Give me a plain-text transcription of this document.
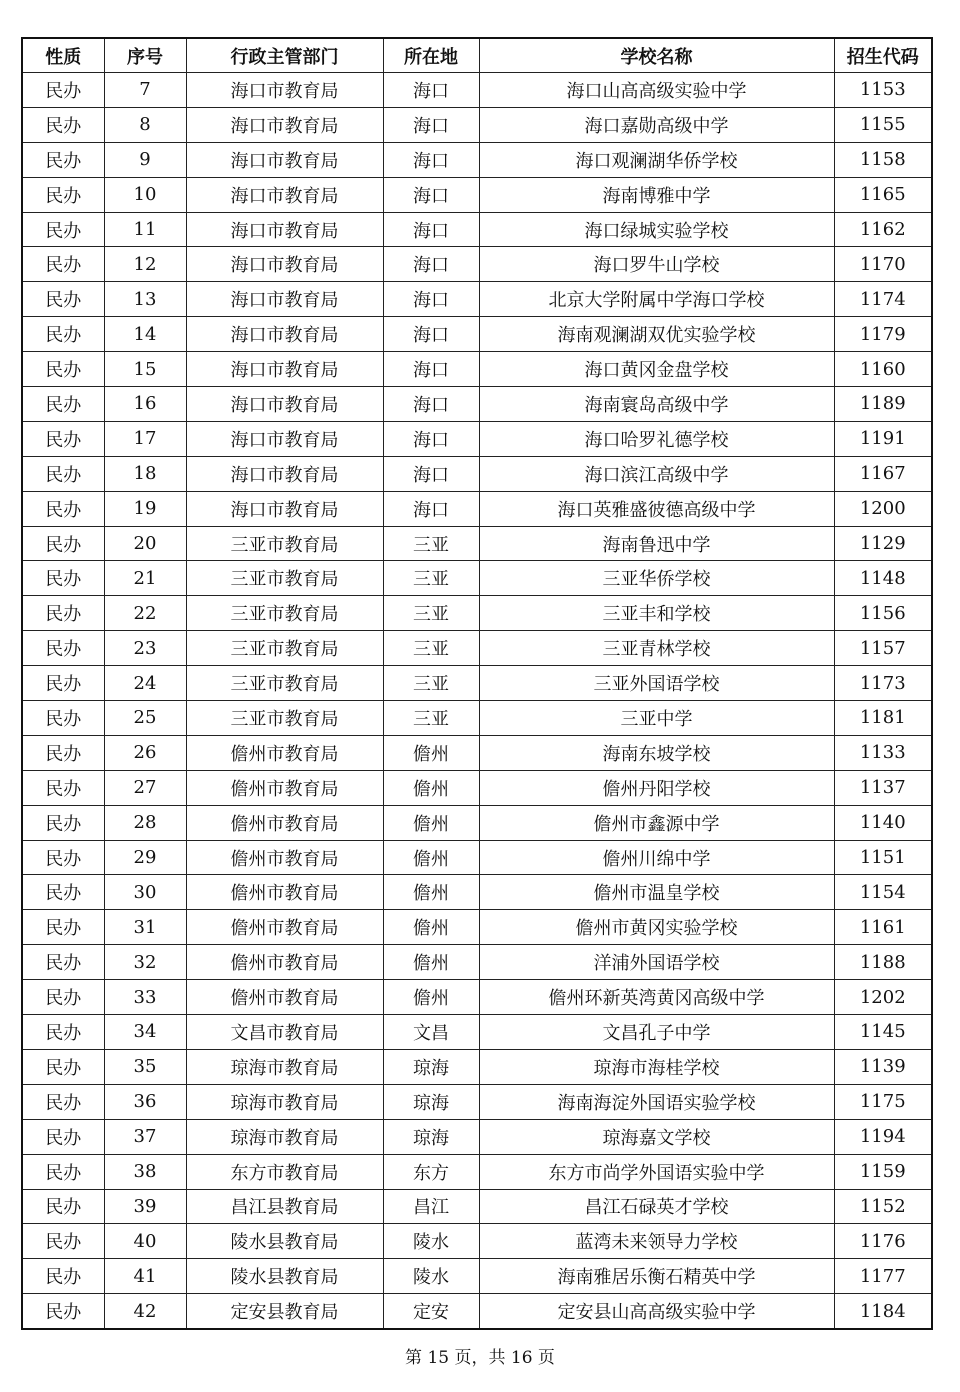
性质	序号	行政主管部门	所在地	学校名称	招生代码
民办	7	海口市教育局	海口	海口山高高级实验中学	1153
民办	8	海口市教育局	海口	海口嘉勋高级中学	1155
民办	9	海口市教育局	海口	海口观澜湖华侨学校	1158
民办	10	海口市教育局	海口	海南博雅中学	1165
民办	11	海口市教育局	海口	海口绿城实验学校	1162
民办	12	海口市教育局	海口	海口罗牛山学校	1170
民办	13	海口市教育局	海口	北京大学附属中学海口学校	1174
民办	14	海口市教育局	海口	海南观澜湖双优实验学校	1179
民办	15	海口市教育局	海口	海口黄冈金盘学校	1160
民办	16	海口市教育局	海口	海南寰岛高级中学	1189
民办	17	海口市教育局	海口	海口哈罗礼德学校	1191
民办	18	海口市教育局	海口	海口滨江高级中学	1167
民办	19	海口市教育局	海口	海口英雅盛彼德高级中学	1200
民办	20	三亚市教育局	三亚	海南鲁迅中学	1129
民办	21	三亚市教育局	三亚	三亚华侨学校	1148
民办	22	三亚市教育局	三亚	三亚丰和学校	1156
民办	23	三亚市教育局	三亚	三亚青林学校	1157
民办	24	三亚市教育局	三亚	三亚外国语学校	1173
民办	25	三亚市教育局	三亚	三亚中学	1181
民办	26	儋州市教育局	儋州	海南东坡学校	1133
民办	27	儋州市教育局	儋州	儋州丹阳学校	1137
民办	28	儋州市教育局	儋州	儋州市鑫源中学	1140
民办	29	儋州市教育局	儋州	儋州川绵中学	1151
民办	30	儋州市教育局	儋州	儋州市温皇学校	1154
民办	31	儋州市教育局	儋州	儋州市黄冈实验学校	1161
民办	32	儋州市教育局	儋州	洋浦外国语学校	1188
民办	33	儋州市教育局	儋州	儋州环新英湾黄冈高级中学	1202
民办	34	文昌市教育局	文昌	文昌孔子中学	1145
民办	35	琼海市教育局	琼海	琼海市海桂学校	1139
民办	36	琼海市教育局	琼海	海南海淀外国语实验学校	1175
民办	37	琼海市教育局	琼海	琼海嘉文学校	1194
民办	38	东方市教育局	东方	东方市尚学外国语实验中学	1159
民办	39	昌江县教育局	昌江	昌江石碌英才学校	1152
民办	40	陵水县教育局	陵水	蓝湾未来领导力学校	1176
民办	41	陵水县教育局	陵水	海南雅居乐衡石精英中学	1177
民办	42	定安县教育局	定安	定安县山高高级实验中学	1184
第 15 页，共 16 页
